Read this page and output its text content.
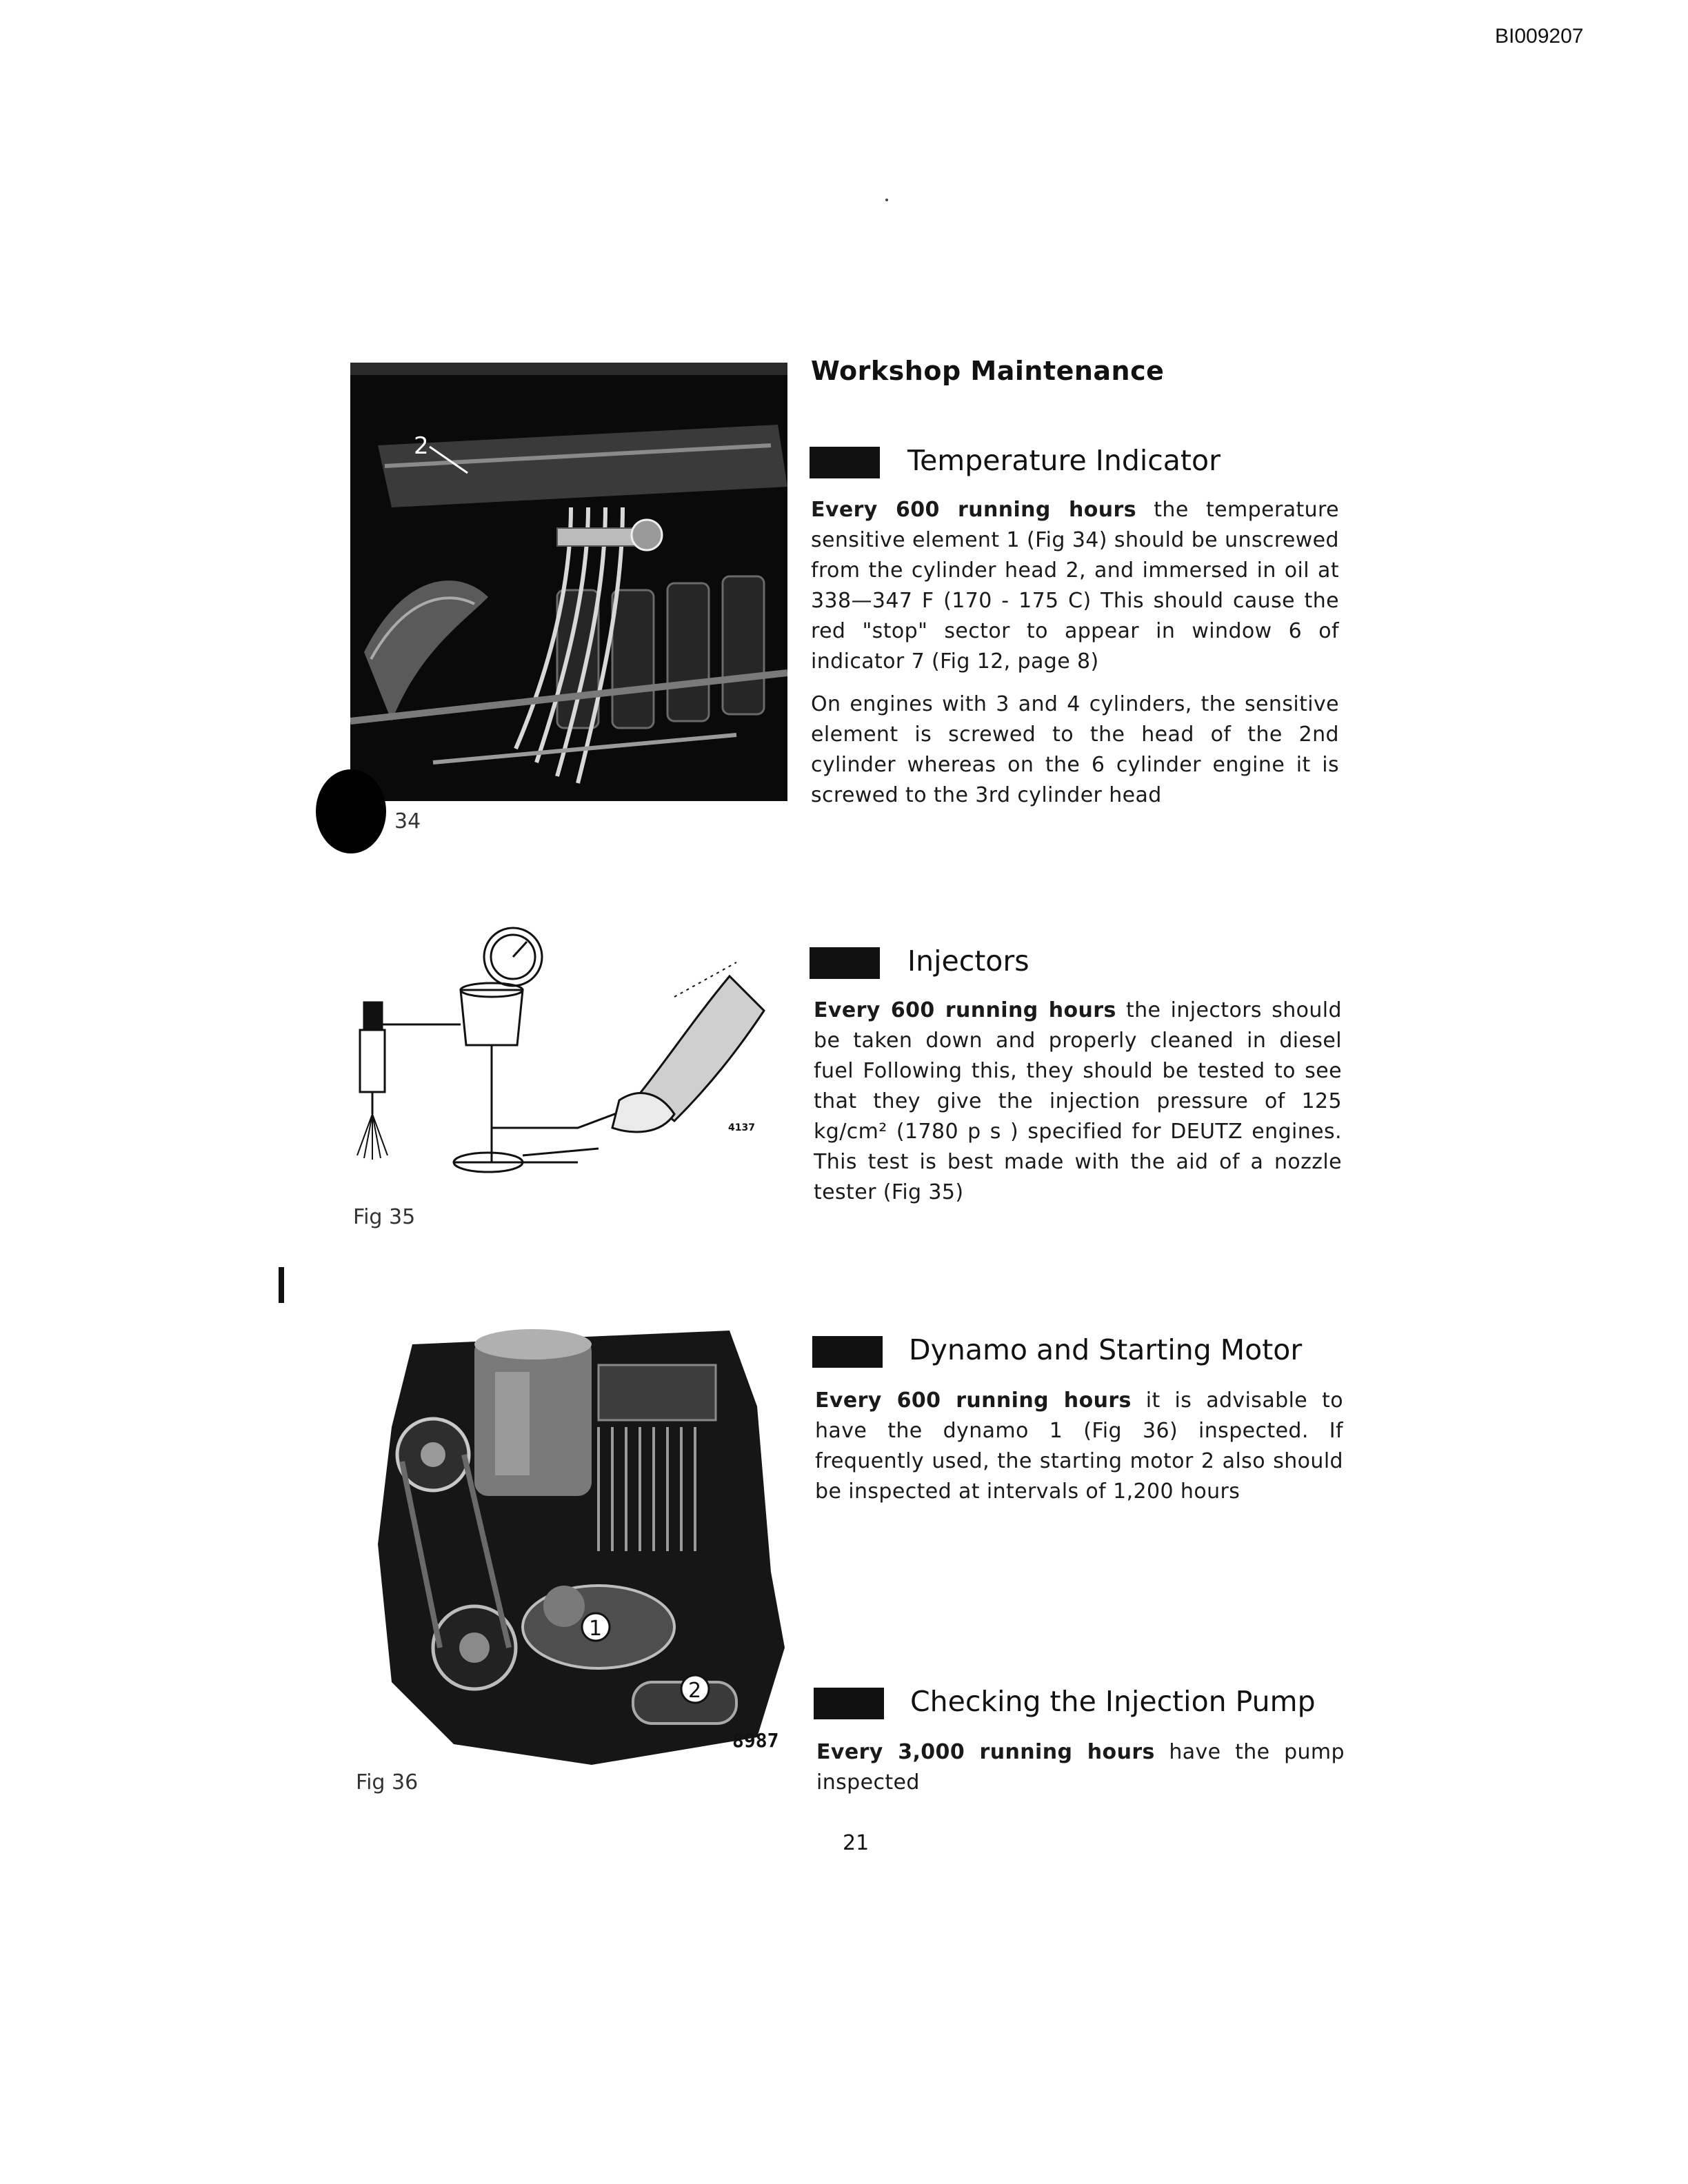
BI009207
2
34
Workshop Maintenance
Temperature Indicator
Every 600 running hours the temperature sensitive element 1 (Fig 34) should be unscrewed from the cylinder head 2, and immersed in oil at 338—347 F (170 - 175 C) This should cause the red "stop" sector to appear in window 6 of indicator 7 (Fig 12, page 8)
On engines with 3 and 4 cylinders, the sensitive element is screwed to the head of the 2nd cylinder whereas on the 6 cylinder engine it is screwed to the 3rd cylinder head
4137
Fig 35
Injectors
Every 600 running hours the injectors should be taken down and properly cleaned in diesel fuel Following this, they should be tested to see that they give the injection pressure of 125 kg/cm² (1780 p s ) specified for DEUTZ engines. This test is best made with the aid of a nozzle tester (Fig 35)
1
2
8987
Fig 36
Dynamo and Starting Motor
Every 600 running hours it is advisable to have the dynamo 1 (Fig 36) inspected. If frequently used, the starting motor 2 also should be inspected at intervals of 1,200 hours
Checking the Injection Pump
Every 3,000 running hours have the pump inspected
21
